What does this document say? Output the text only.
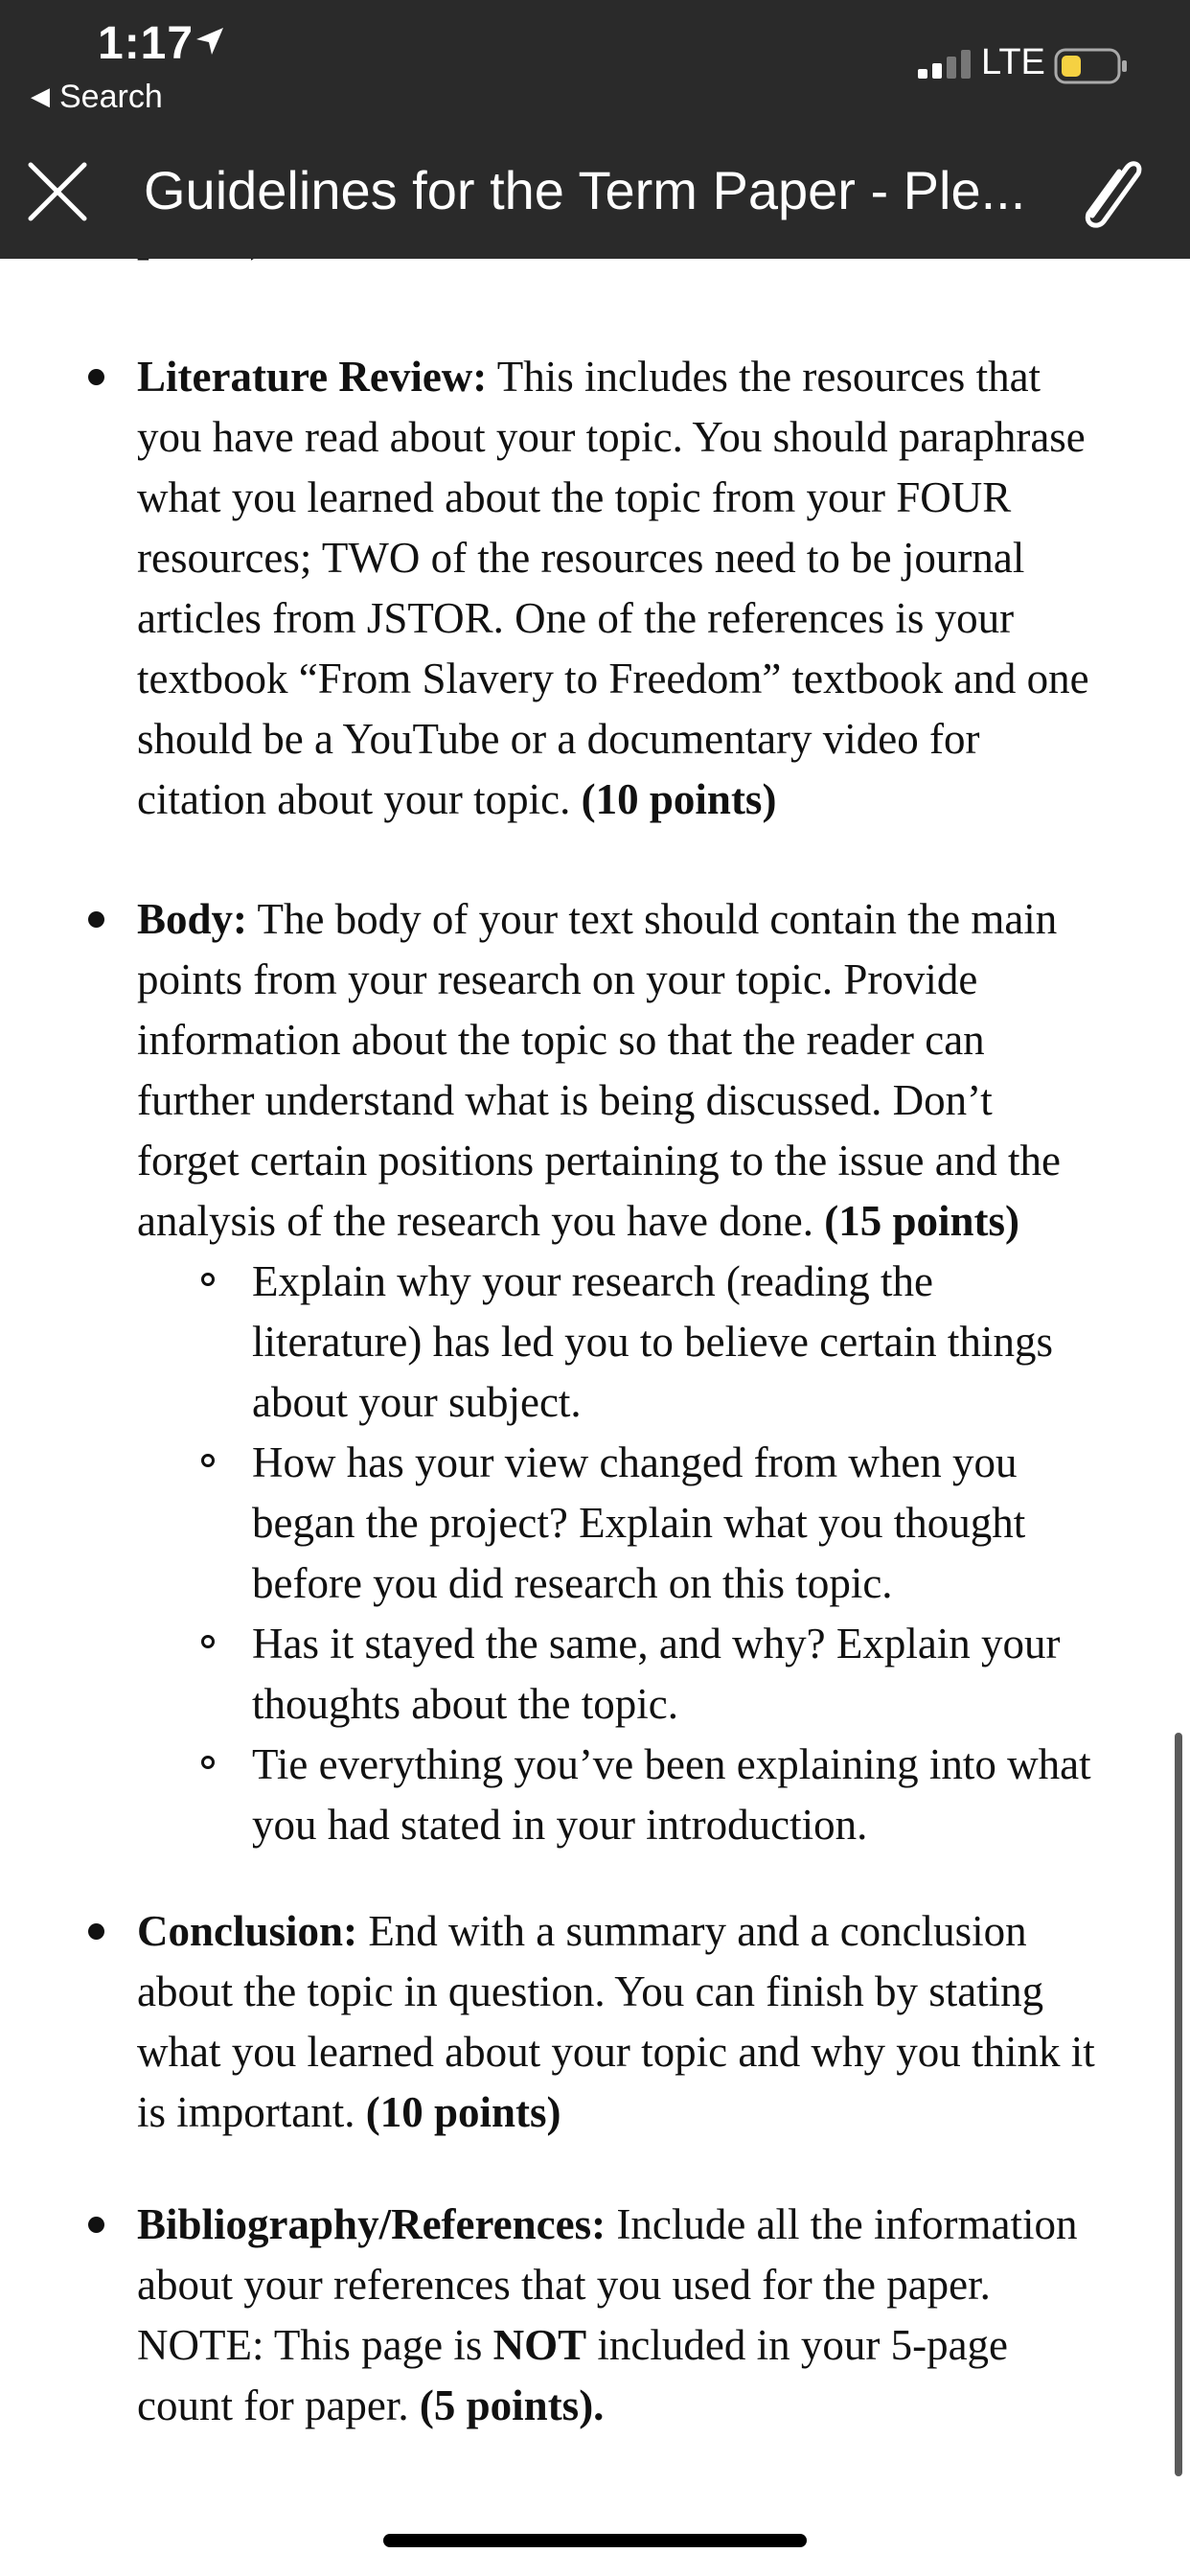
Literature Review: This includes the resources that
you have read about your topic. You should paraphrase
what you learned about the topic from your FOUR
resources; TWO of the resources need to be journal
articles from JSTOR. One of the references is your
textbook “From Slavery to Freedom” textbook and one
should be a YouTube or a documentary video for
citation about your topic. (10 points)
Body: The body of your text should contain the main
points from your research on your topic. Provide
information about the topic so that the reader can
further understand what is being discussed. Don’t
forget certain positions pertaining to the issue and the
analysis of the research you have done. (15 points)
Explain why your research (reading the
literature) has led you to believe certain things
about your subject.
How has your view changed from when you
began the project? Explain what you thought
before you did research on this topic.
Has it stayed the same, and why? Explain your
thoughts about the topic.
Tie everything you’ve been explaining into what
you had stated in your introduction.
Conclusion: End with a summary and a conclusion
about the topic in question. You can finish by stating
what you learned about your topic and why you think it
is important. (10 points)
Bibliography/References: Include all the information
about your references that you used for the paper.
NOTE: This page is NOT included in your 5-page
count for paper. (5 points).
1:17
◀ Search
LTE
Guidelines for the Term Paper - Ple...
